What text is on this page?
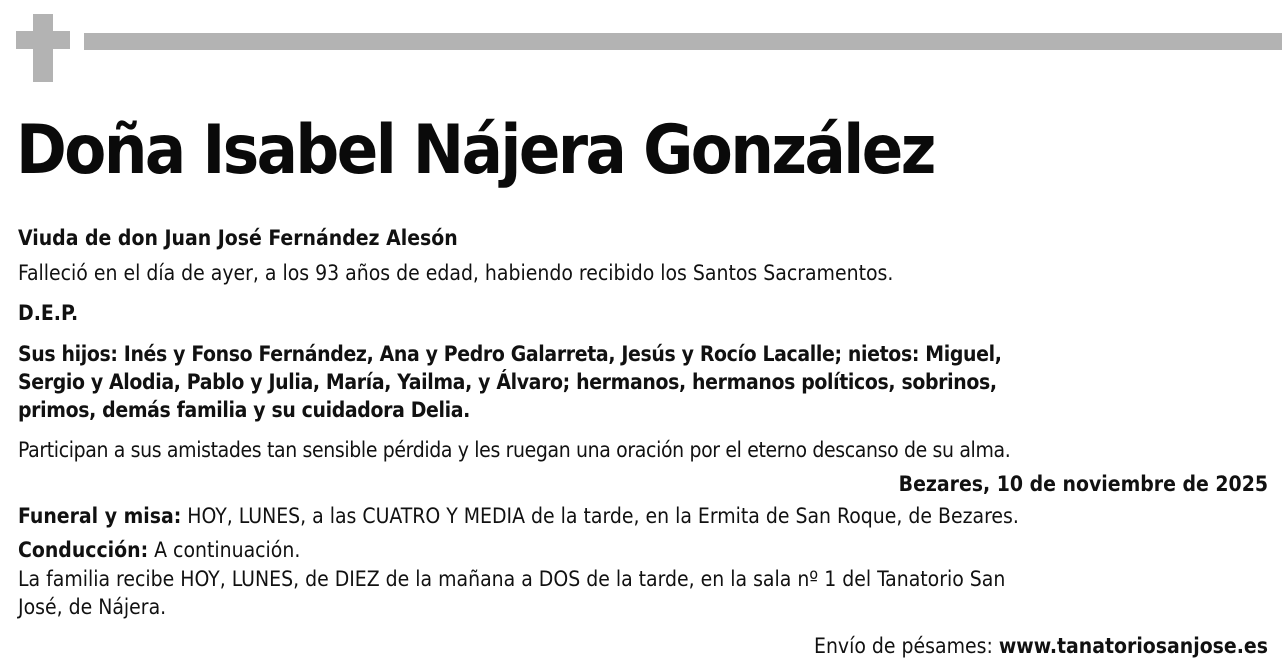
Doña Isabel Nájera González

Viuda de don Juan José Fernández Alesón

Falleció en el día de ayer, a los 93 años de edad, habiendo recibido los Santos Sacramentos.

D.E.P.

Sus hijos: Inés y Fonso Fernández, Ana y Pedro Galarreta, Jesús y Rocío Lacalle; nietos: Miguel,

Sergio y Alodia, Pablo y Julia, María, Yailma, y Álvaro; hermanos, hermanos políticos, sobrinos,

primos, demás familia y su cuidadora Delia.

Participan a sus amistades tan sensible pérdida y les ruegan una oración por el eterno descanso de su alma.

Bezares, 10 de noviembre de 2025

Funeral y misa: HOY, LUNES, a las CUATRO Y MEDIA de la tarde, en la Ermita de San Roque, de Bezares.

Conducción: A continuación.

La familia recibe HOY, LUNES, de DIEZ de la mañana a DOS de la tarde, en la sala nº 1 del Tanatorio San

José, de Nájera.

Envío de pésames: www.tanatoriosanjose.es
